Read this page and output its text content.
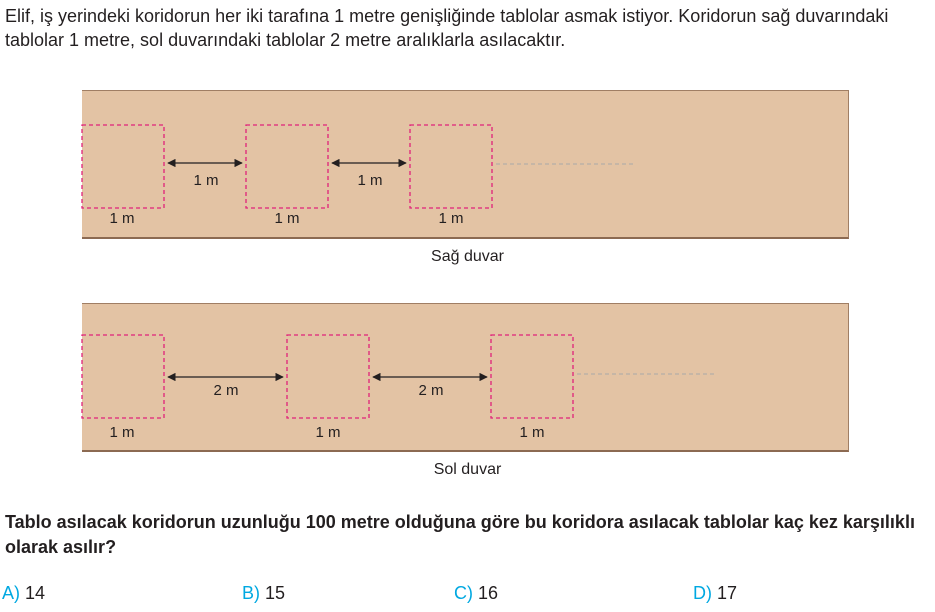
Elif, iş yerindeki koridorun her iki tarafına 1 metre genişliğinde tablolar asmak istiyor. Koridorun sağ duvarındaki tablolar 1 metre, sol duvarındaki tablolar 2 metre aralıklarla asılacaktır.
1 m	1 m
1 m	1 m	1 m
Sağ duvar
2 m	2 m
1 m	1 m	1 m
Sol duvar
Tablo asılacak koridorun uzunluğu 100 metre olduğuna göre bu koridora asılacak tablolar kaç kez karşılıklı olarak asılır?
A) 14	B) 15	C) 16	D) 17
